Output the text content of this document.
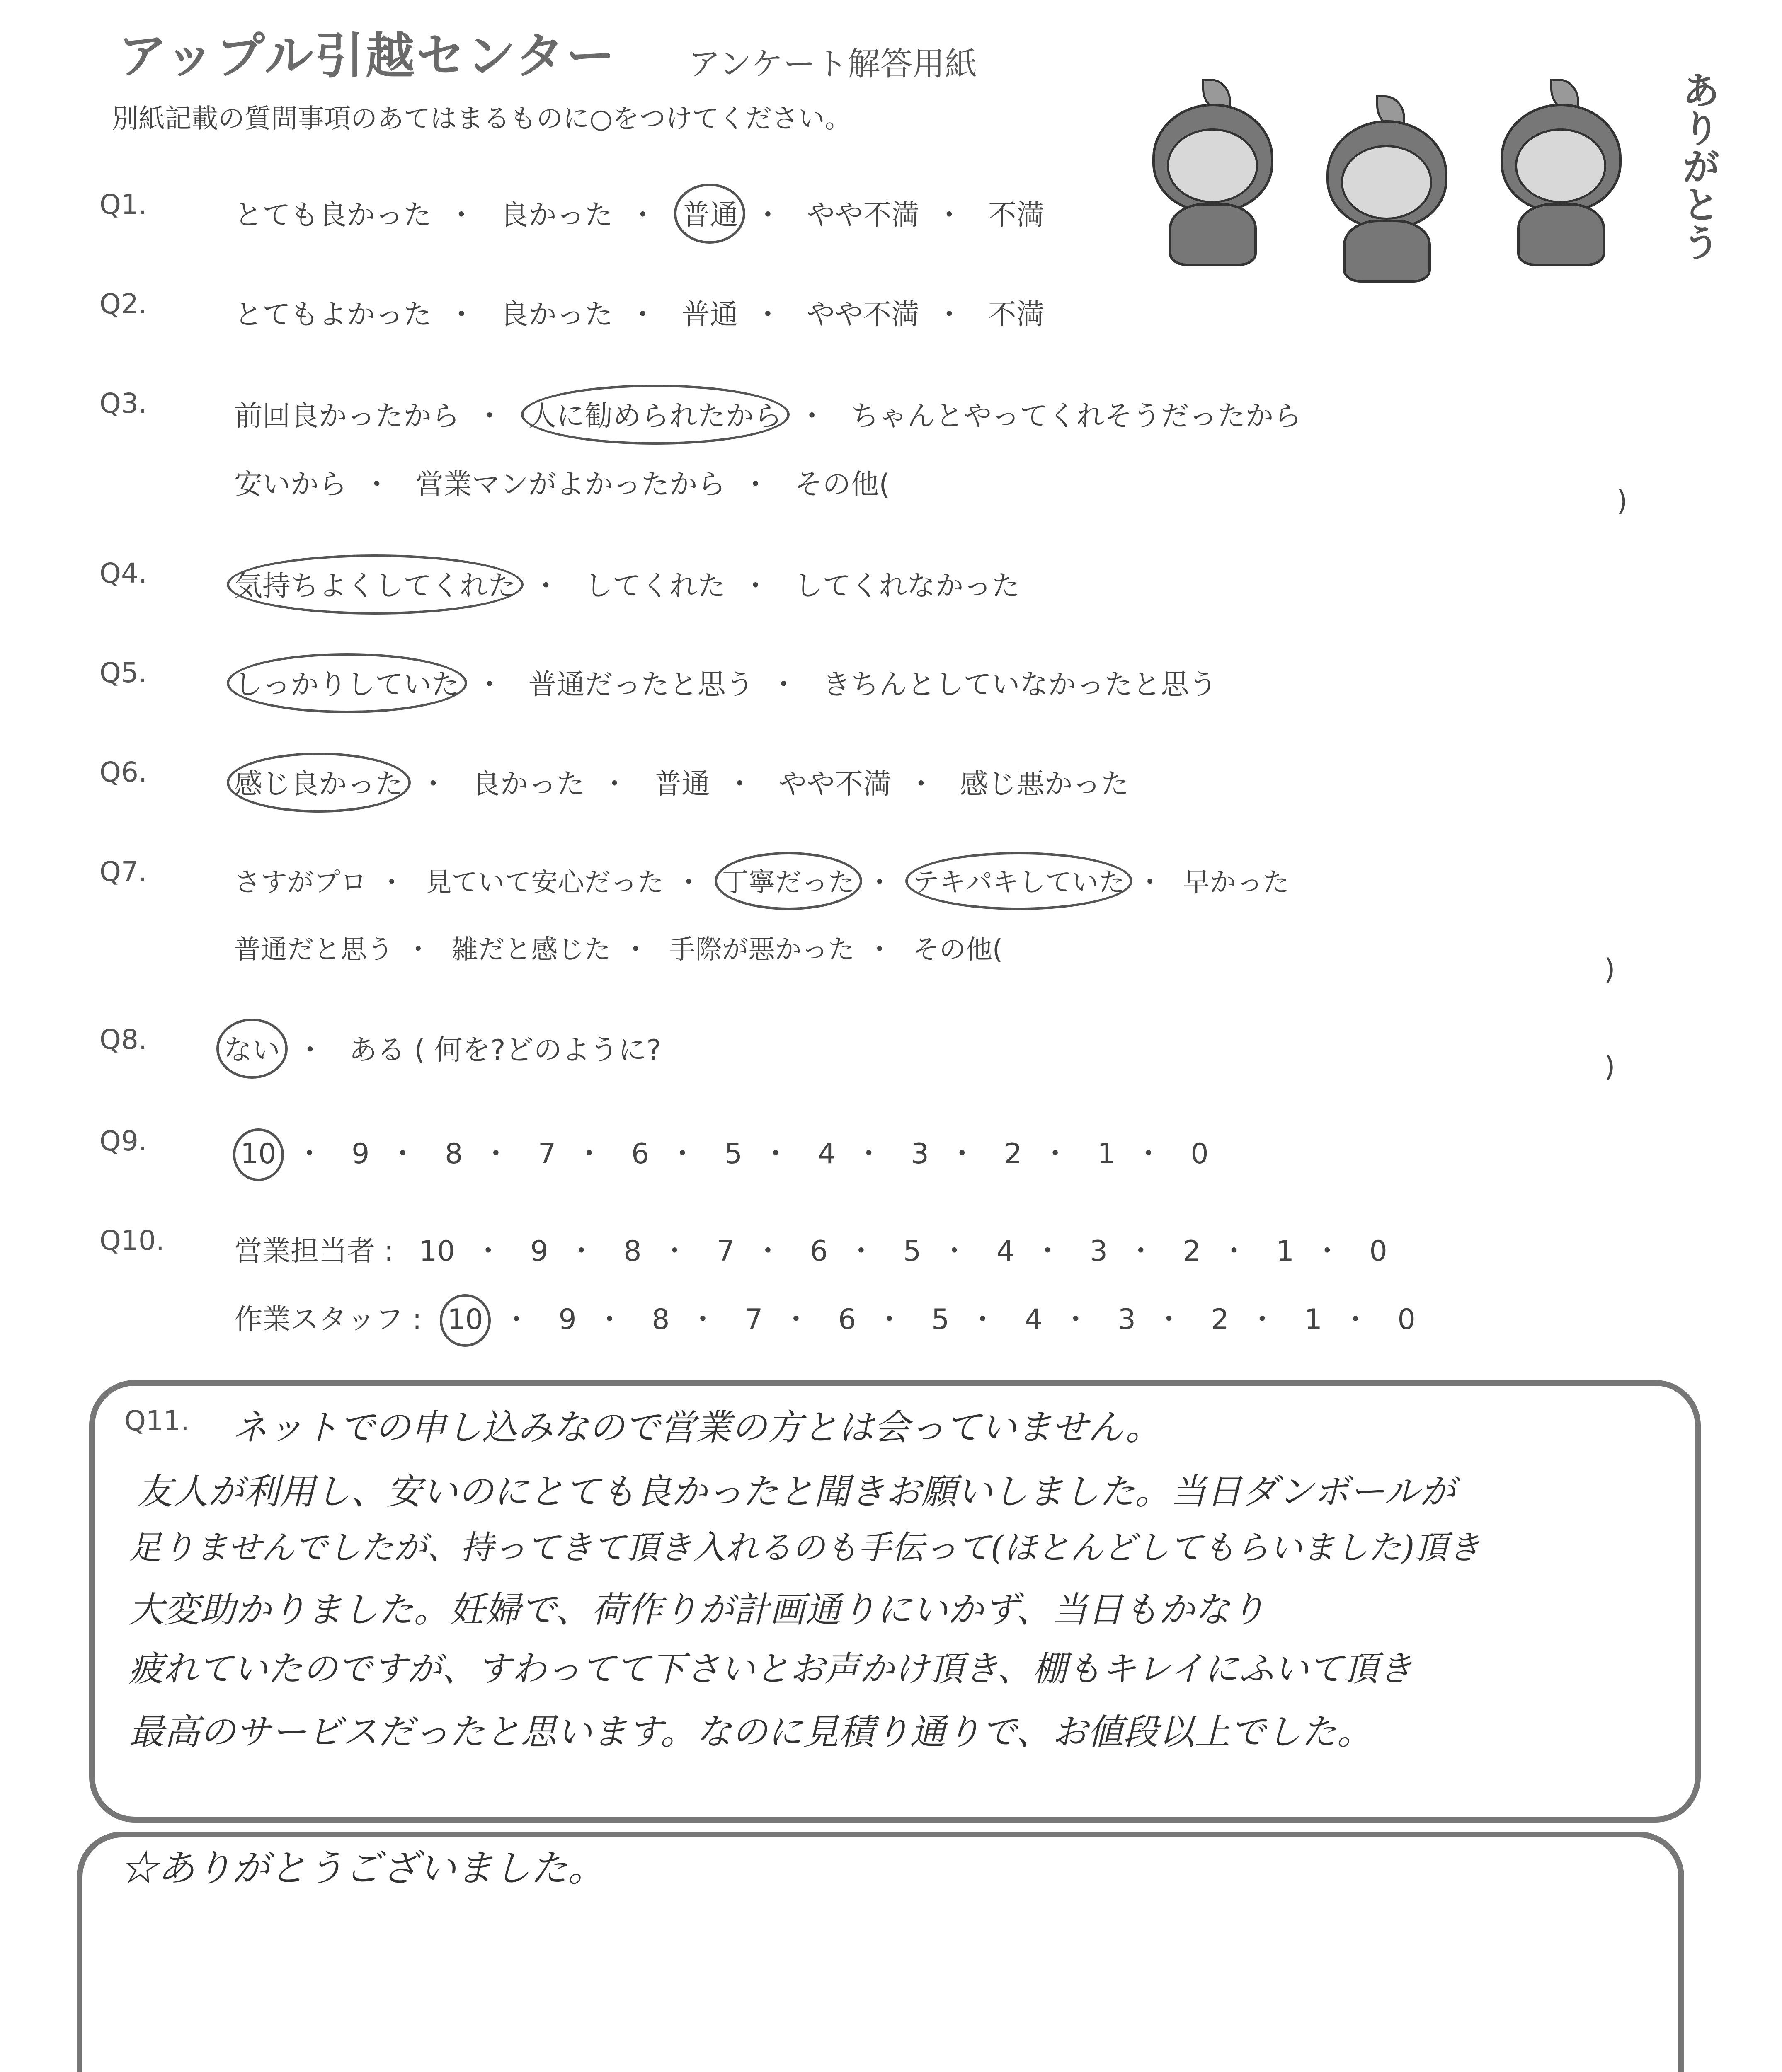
アップル引越センター アンケート解答用紙
別紙記載の質問事項のあてはまるものに○をつけてください。	ありがとう
Q1.	とても良かった ・ 良かった ・ 普通 ・ やや不満 ・ 不満
Q2.	とてもよかった ・ 良かった ・ 普通 ・ やや不満 ・ 不満
Q3.	前回良かったから ・ 人に勧められたから ・ ちゃんとやってくれそうだったから
安いから ・ 営業マンがよかったから ・ その他(
)
Q4.	気持ちよくしてくれた ・ してくれた ・ してくれなかった
Q5.	しっかりしていた ・ 普通だったと思う ・ きちんとしていなかったと思う
Q6.	感じ良かった ・ 良かった ・ 普通 ・ やや不満 ・ 感じ悪かった
Q7.	さすがプロ ・ 見ていて安心だった ・ 丁寧だった ・ テキパキしていた ・ 早かった
普通だと思う ・ 雑だと感じた ・ 手際が悪かった ・ その他(
)
Q8.	ない ・ ある ( 何を?どのように?
)
Q9.	10 ・ 9 ・ 8 ・ 7 ・ 6 ・ 5 ・ 4 ・ 3 ・ 2 ・ 1 ・ 0
Q10. 営業担当者 : 10 ・ 9 ・ 8 ・ 7 ・ 6 ・ 5 ・ 4 ・ 3 ・ 2 ・ 1 ・ 0
作業スタッフ : 10 ・ 9 ・ 8 ・ 7 ・ 6 ・ 5 ・ 4 ・ 3 ・ 2 ・ 1 ・ 0
Q11. ネットでの申し込みなので営業の方とは会っていません。
友人が利用し、安いのにとても良かったと聞きお願いしました。当日ダンボールが
足りませんでしたが、持ってきて頂き入れるのも手伝って(ほとんどしてもらいました)頂き
大変助かりました。妊婦で、荷作りが計画通りにいかず、当日もかなり
疲れていたのですが、すわってて下さいとお声かけ頂き、棚もキレイにふいて頂き
最高のサービスだったと思います。なのに見積り通りで、お値段以上でした。
☆ありがとうございました。
